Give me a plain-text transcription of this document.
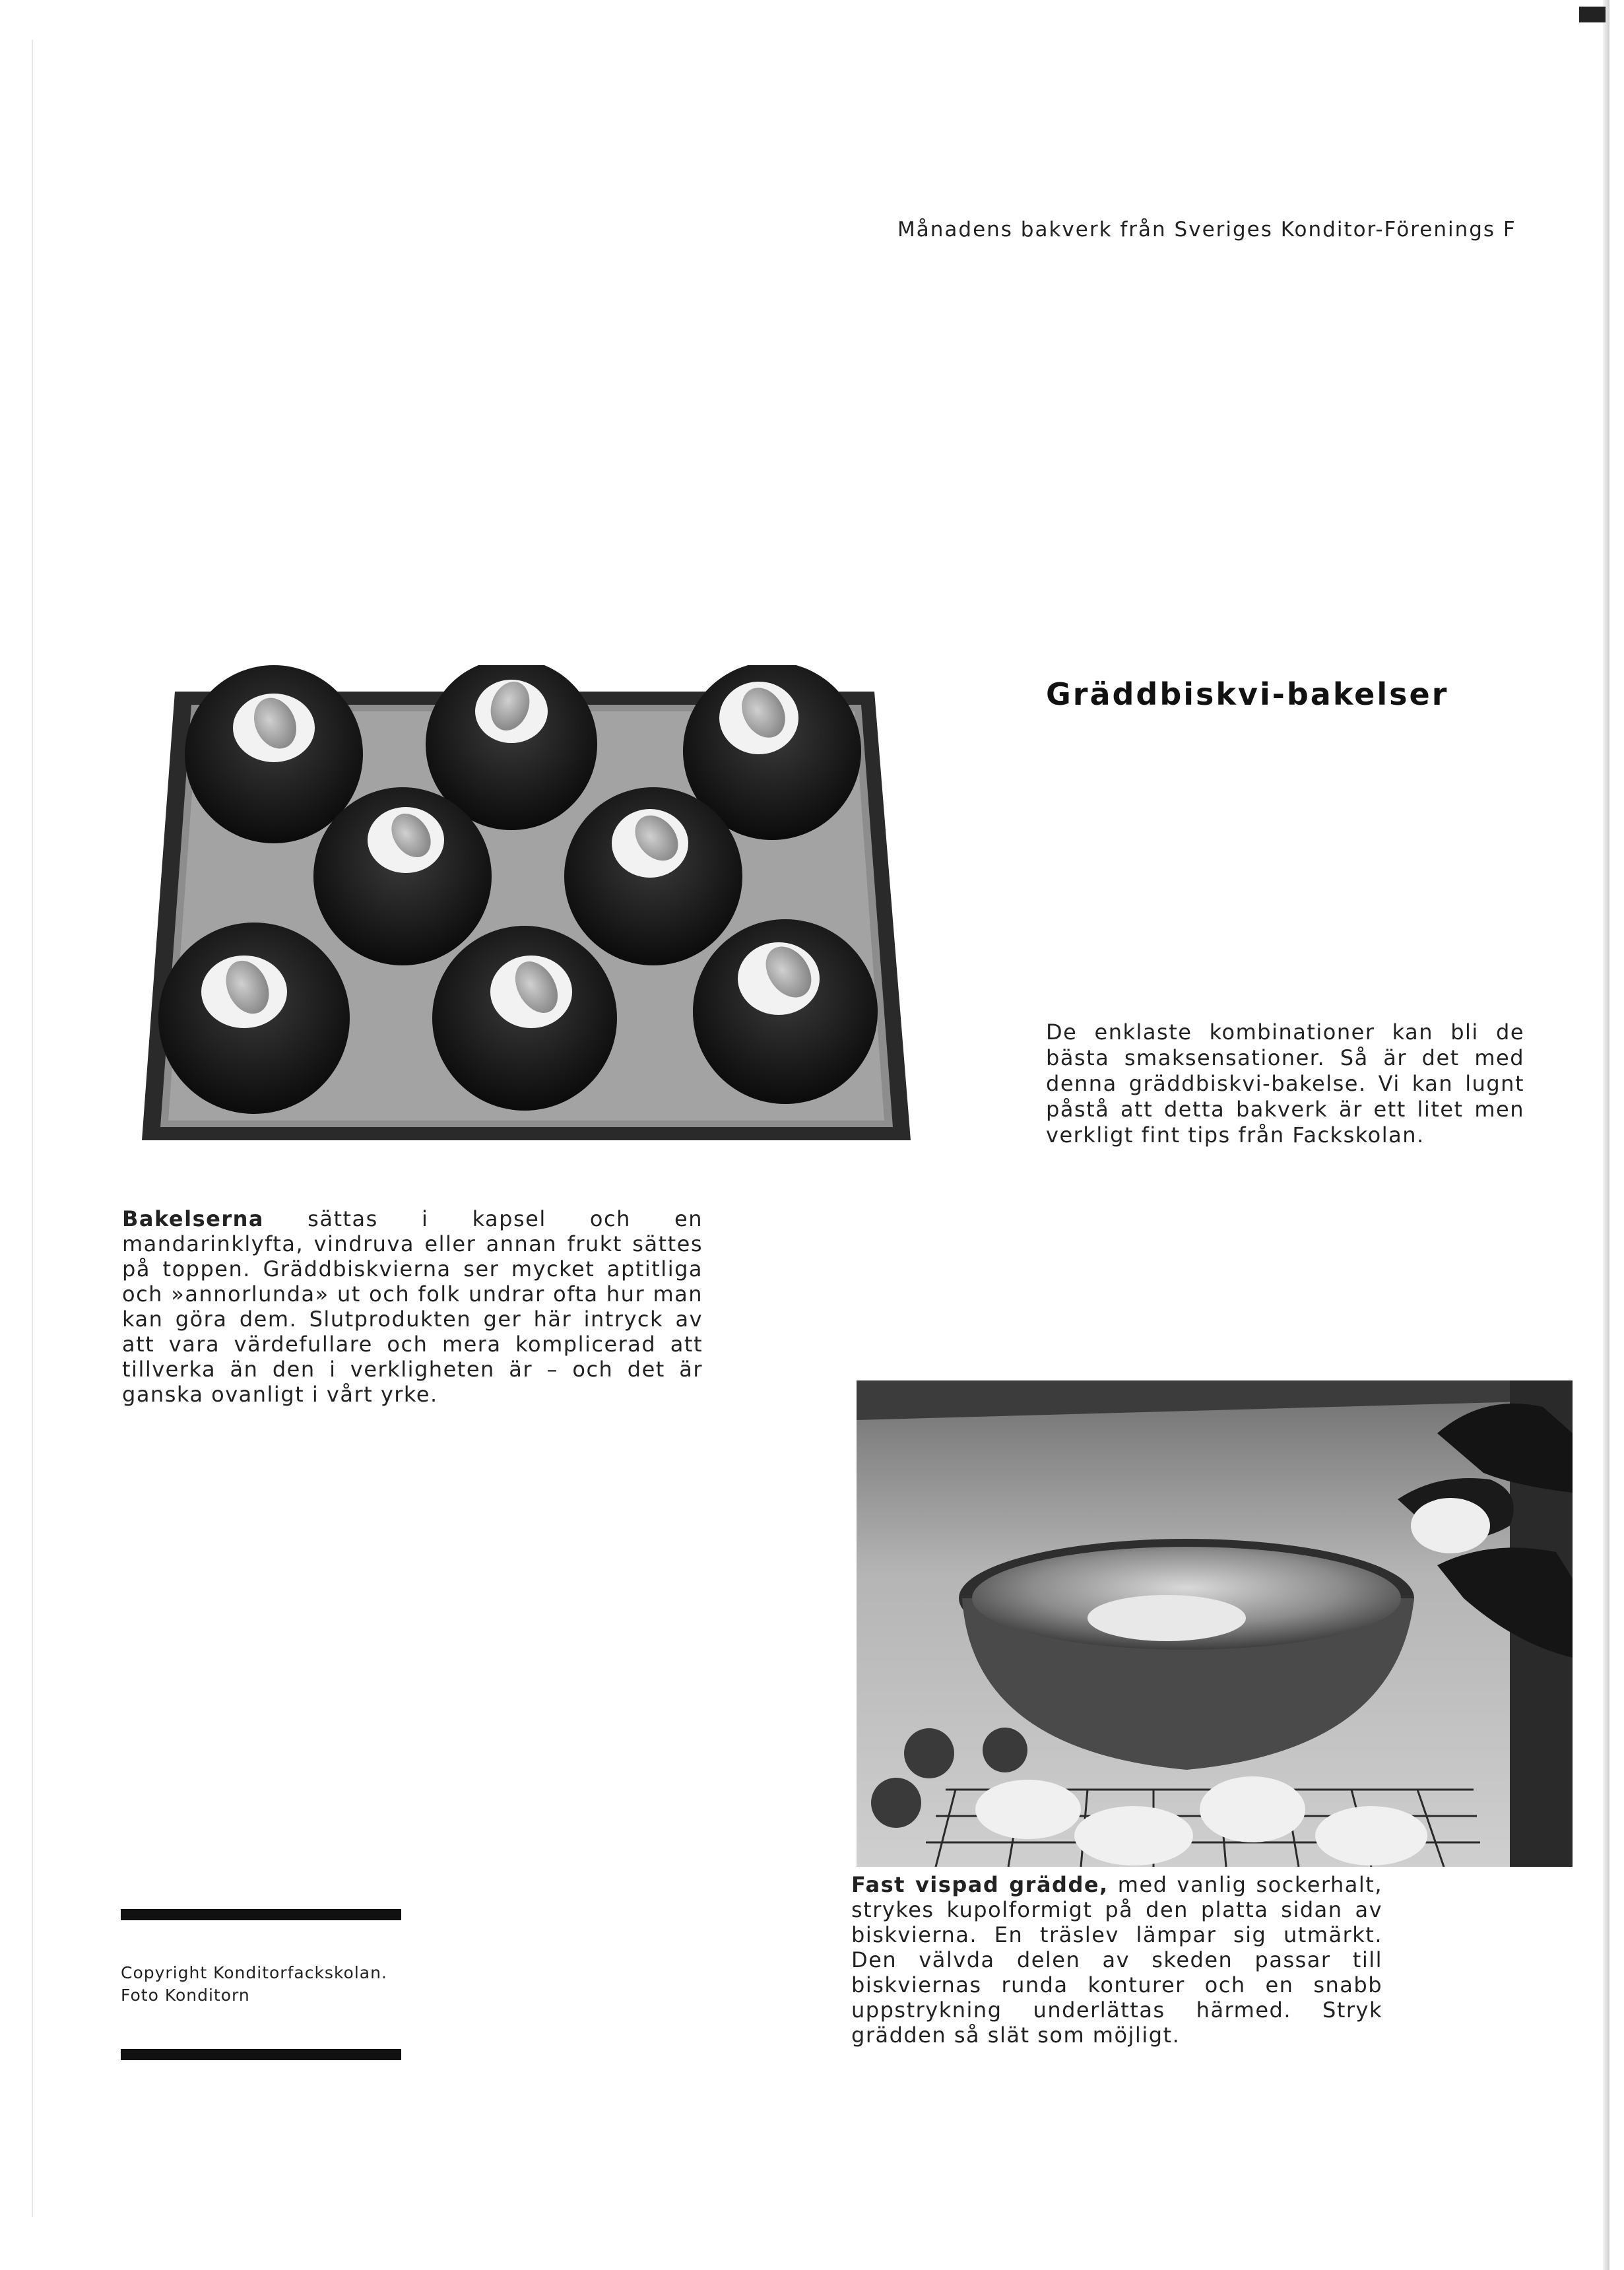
Månadens bakverk från Sveriges Konditor-Förenings F
Gräddbiskvi-bakelser
De enklaste kombinationer kan bli de bästa smaksensationer. Så är det med denna gräddbiskvi-bakelse. Vi kan lugnt påstå att detta bakverk är ett litet men verkligt fint tips från Fackskolan.
Bakelserna sättas i kapsel och en mandarinklyfta, vindruva eller annan frukt sättes på toppen. Gräddbiskvierna ser mycket aptitliga och »annorlunda» ut och folk undrar ofta hur man kan göra dem. Slutprodukten ger här intryck av att vara värdefullare och mera komplicerad att tillverka än den i verkligheten är – och det är ganska ovanligt i vårt yrke.
Copyright Konditorfackskolan.
Foto Konditorn
Fast vispad grädde, med vanlig sockerhalt, strykes kupolformigt på den platta sidan av biskvierna. En träslev lämpar sig utmärkt. Den välvda delen av skeden passar till biskviernas runda konturer och en snabb uppstrykning underlättas härmed. Stryk grädden så slät som möjligt.
